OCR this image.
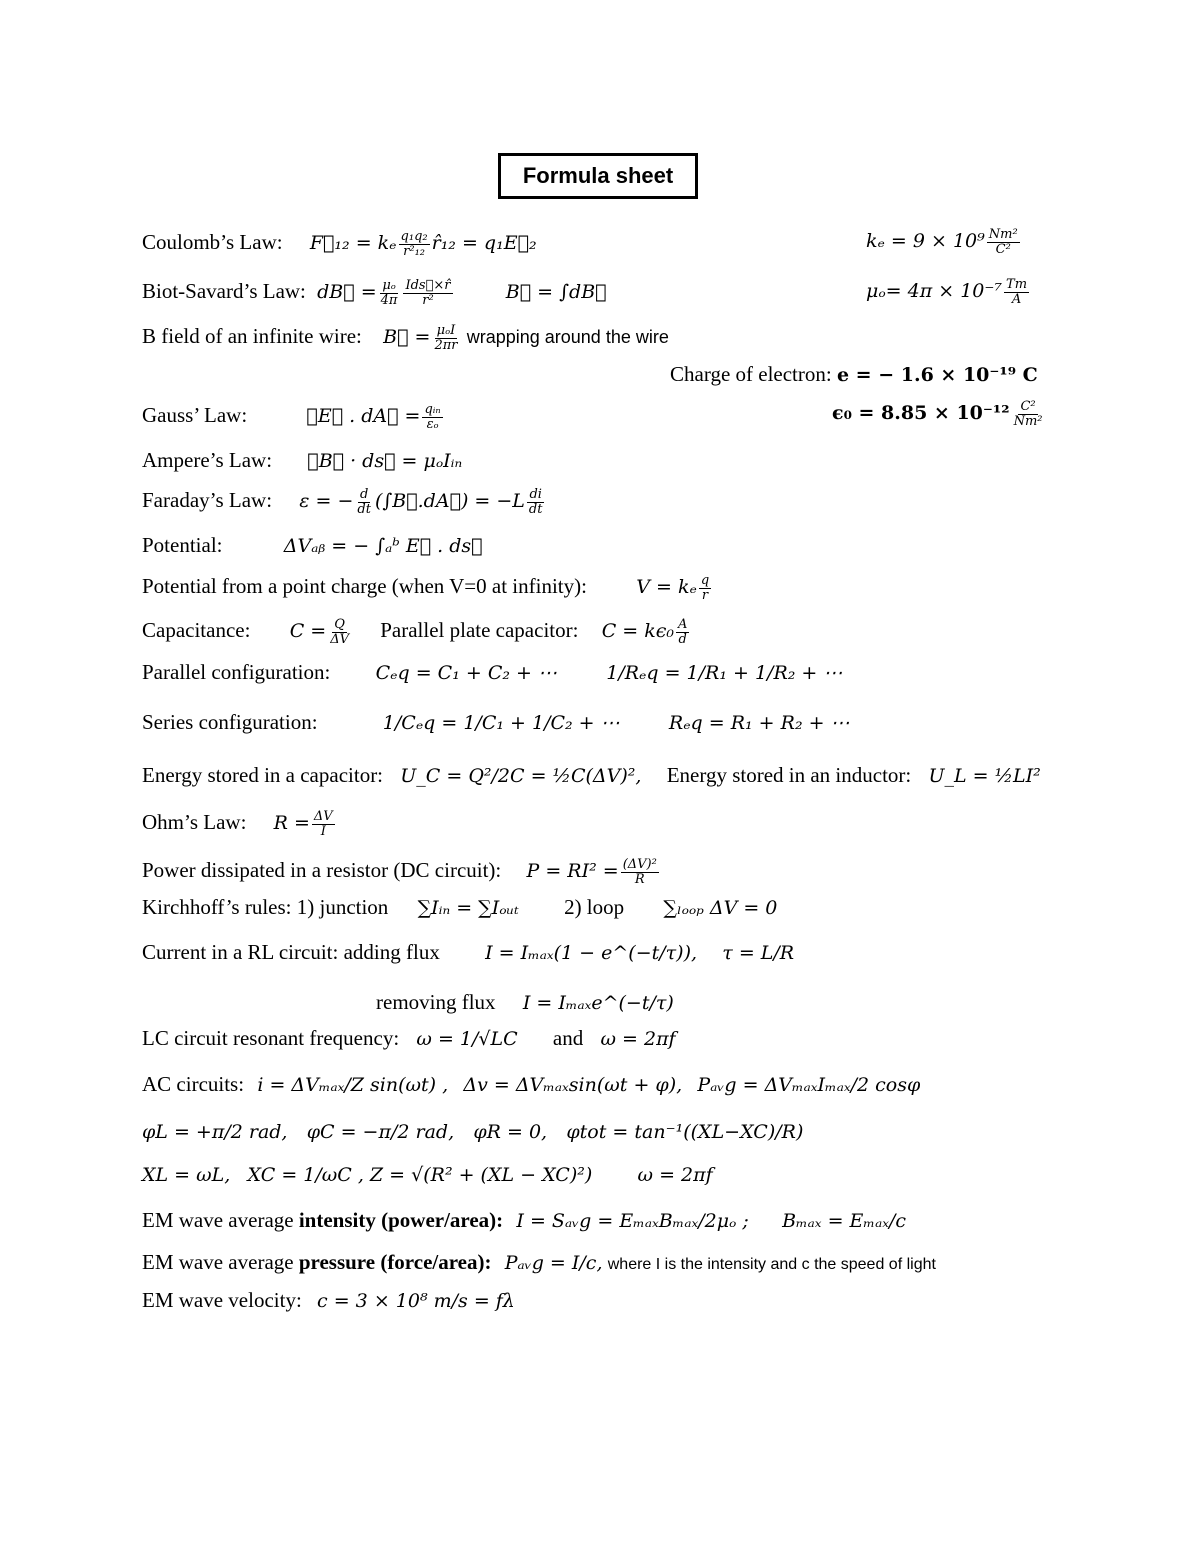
Formula sheet
Coulomb’s Law: F⃗₁₂ = kₑ $\frac{\text{q₁q₂}}{\text{r²₁₂}}$ r̂₁₂ = q₁E⃗₂	$k_e = 9 \times 10^9 \frac{\text{Nm²}}{\text{C²}}$
Biot-Savard’s Law: dB⃗ = $\frac{\text{μₒ}}{4\pi} \frac{\text{Ids⃗×r̂}}{\text{r²}}$	B⃗ = ∫dB⃗	$\mu_o= 4\pi \times 10^{-7} \frac{Tm}{A}$
B field of an infinite wire: B⃗ = $\frac{\text{μₒI}}{2\pi r}$ wrapping around the wire
Charge of electron: e = − 1.6 × 10⁻¹⁹ C
Gauss’ Law:	∮E⃗ . dA⃗ = $\frac{\text{qᵢₙ}}{\text{εₒ}}$	$\epsilon_0 = 8.85 \times 10^{-12} \frac{\text{C²}}{\text{Nm²}}$
Ampere’s Law: ∮B⃗ · ds⃗ = μₒIᵢₙ
Faraday’s Law: ε = − $\frac{d}{dt}$ (∫B⃗.dA⃗) = $-L \frac{di}{dt}$
Potential:	ΔVₐᵦ = − ∫ₐᵇ E⃗ . ds⃗
Potential from a point charge (when V=0 at infinity):	V = kₑ $\frac{q}{r}$
Capacitance: $C = \frac{Q}{\Delta V}$ Parallel plate capacitor: $C = k\epsilon_0 \frac{A}{d}$
Parallel configuration: Cₑq = C₁ + C₂ + ⋯	1/Rₑq = 1/R₁ + 1/R₂ + ⋯
Series configuration:	1/Cₑq = 1/C₁ + 1/C₂ + ⋯	Rₑq = R₁ + R₂ + ⋯
Energy stored in a capacitor: U_C = Q²/2C = ½C(ΔV)², Energy stored in an inductor: U_L = ½LI²
Ohm’s Law: $R = \frac{\Delta V}{I}$
Power dissipated in a resistor (DC circuit): $P = RI^2 = \frac{\text{(ΔV)²}}{R}$
Kirchhoff’s rules: 1) junction ∑Iᵢₙ = ∑Iₒᵤₜ 2) loop ∑ₗₒₒₚ ΔV = 0
Current in a RL circuit: adding flux I = Iₘₐₓ(1 − e^(−t/τ)), τ = L/R
removing flux I = Iₘₐₓe^(−t/τ)
LC circuit resonant frequency: ω = 1/√LC and ω = 2πf
AC circuits: i = ΔVₘₐₓ/Z sin(ωt) , Δv = ΔVₘₐₓsin(ωt + φ), Pₐᵥg = ΔVₘₐₓIₘₐₓ/2 cosφ
φL = +π/2 rad, φC = −π/2 rad, φR = 0, φtot = tan⁻¹((XL−XC)/R)
XL = ωL, XC = 1/ωC , Z = √(R² + (XL − XC)²) ω = 2πf
EM wave average intensity (power/area): I = Sₐᵥg = EₘₐₓBₘₐₓ/2μₒ ; Bₘₐₓ = Eₘₐₓ/c
EM wave average pressure (force/area): Pₐᵥg = I/c, where I is the intensity and c the speed of light
EM wave velocity: c = 3 × 10⁸ m/s = fλ
